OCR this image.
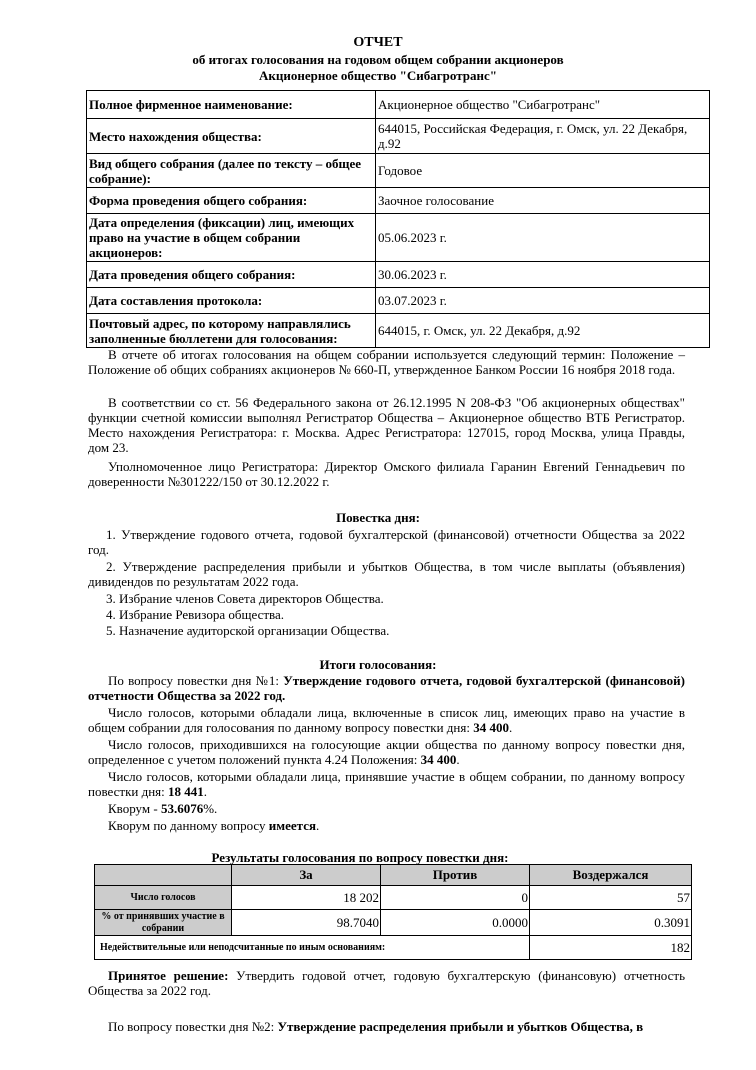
ОТЧЕТ
об итогах голосования на годовом общем собрании акционеров
Акционерное общество "Сибагротранс"
Полное фирменное наименование:	Акционерное общество "Сибагротранс"
Место нахождения общества:	644015, Российская Федерация, г. Омск, ул. 22 Декабря, д.92
Вид общего собрания (далее по тексту – общее собрание):	Годовое
Форма проведения общего собрания:	Заочное голосование
Дата определения (фиксации) лиц, имеющих право на участие в общем собрании акционеров:	05.06.2023 г.
Дата проведения общего собрания:	30.06.2023 г.
Дата составления протокола:	03.07.2023 г.
Почтовый адрес, по которому направлялись заполненные бюллетени для голосования:	644015, г. Омск, ул. 22 Декабря, д.92
В отчете об итогах голосования на общем собрании используется следующий термин: Положение – Положение об общих собраниях акционеров № 660-П, утвержденное Банком России 16 ноября 2018 года.
В соответствии со ст. 56 Федерального закона от 26.12.1995 N 208-ФЗ "Об акционерных обществах" функции счетной комиссии выполнял Регистратор Общества – Акционерное общество ВТБ Регистратор. Место нахождения Регистратора: г. Москва. Адрес Регистратора: 127015, город Москва, улица Правды, дом 23.
Уполномоченное лицо Регистратора: Директор Омского филиала Гаранин Евгений Геннадьевич по доверенности №301222/150 от 30.12.2022 г.
Повестка дня:
1. Утверждение годового отчета, годовой бухгалтерской (финансовой) отчетности Общества за 2022 год.
2. Утверждение распределения прибыли и убытков Общества, в том числе выплаты (объявления) дивидендов по результатам 2022 года.
3. Избрание членов Совета директоров Общества.
4. Избрание Ревизора общества.
5. Назначение аудиторской организации Общества.
Итоги голосования:
По вопросу повестки дня №1: Утверждение годового отчета, годовой бухгалтерской (финансовой) отчетности Общества за 2022 год.
Число голосов, которыми обладали лица, включенные в список лиц, имеющих право на участие в общем собрании для голосования по данному вопросу повестки дня: 34 400.
Число голосов, приходившихся на голосующие акции общества по данному вопросу повестки дня, определенное с учетом положений пункта 4.24 Положения: 34 400.
Число голосов, которыми обладали лица, принявшие участие в общем собрании, по данному вопросу повестки дня: 18 441.
Кворум - 53.6076%.
Кворум по данному вопросу имеется.
Результаты голосования по вопросу повестки дня:
	За	Против	Воздержался
Число голосов	18 202	0	57
% от принявших участие в собрании	98.7040	0.0000	0.3091
Недействительные или неподсчитанные по иным основаниям:			182
Принятое решение: Утвердить годовой отчет, годовую бухгалтерскую (финансовую) отчетность Общества за 2022 год.
По вопросу повестки дня №2: Утверждение распределения прибыли и убытков Общества, в
